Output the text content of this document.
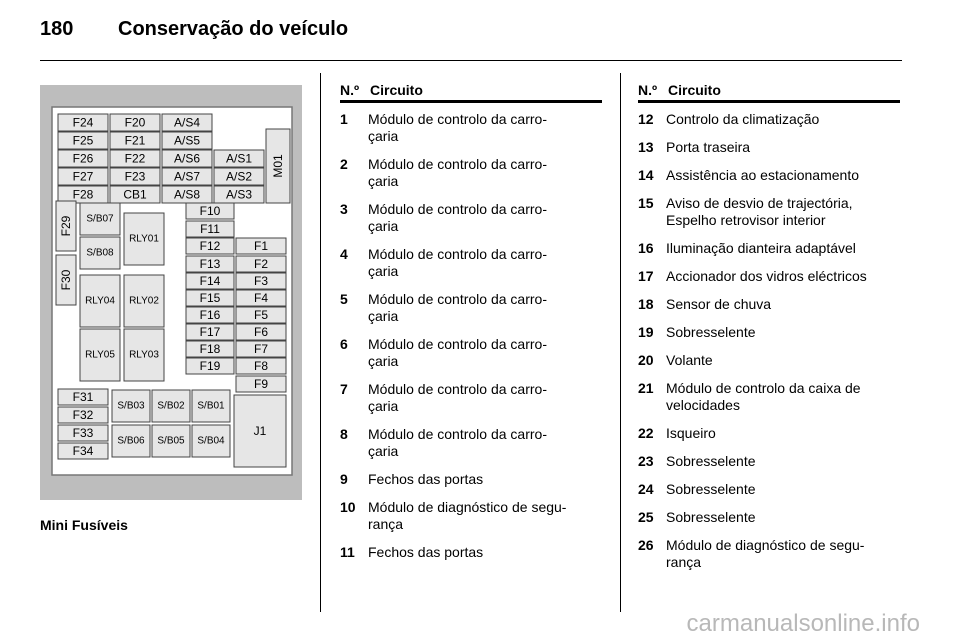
180 Conservação do veículo
F24	F20 A/S4
F25	F21 A/S5
F26	F22 A/S6 A/S1
F27	F23 A/S7 A/S2
F28 CB1 A/S8 A/S3
M01
F29
F30
S/B07
S/B08
RLY01
F10
F11
F12	F1
F13	F2
RLY04 RLY02
F14	F3
F15	F4
F16	F5
RLY05 RLY03
F17	F6
F18	F7
F19	F8
F9
F31
F32
S/B03 S/B02 S/B01
F33
F34
S/B06 S/B05 S/B04
J1
Mini Fusíveis
N.º Circuito
1	Módulo de controlo da carro-
çaria
2	Módulo de controlo da carro-
çaria
3	Módulo de controlo da carro-
çaria
4	Módulo de controlo da carro-
çaria
5	Módulo de controlo da carro-
çaria
6	Módulo de controlo da carro-
çaria
7	Módulo de controlo da carro-
çaria
8	Módulo de controlo da carro-
çaria
9	Fechos das portas
10 Módulo de diagnóstico de segu-
rança
11 Fechos das portas
N.º Circuito
12 Controlo da climatização
13 Porta traseira
14 Assistência ao estacionamento
15 Aviso de desvio de trajectória,
Espelho retrovisor interior
16 Iluminação dianteira adaptável
17 Accionador dos vidros eléctricos
18 Sensor de chuva
19 Sobresselente
20 Volante
21 Módulo de controlo da caixa de
velocidades
22 Isqueiro
23 Sobresselente
24 Sobresselente
25 Sobresselente
26 Módulo de diagnóstico de segu-
rança
carmanualsonline.info
